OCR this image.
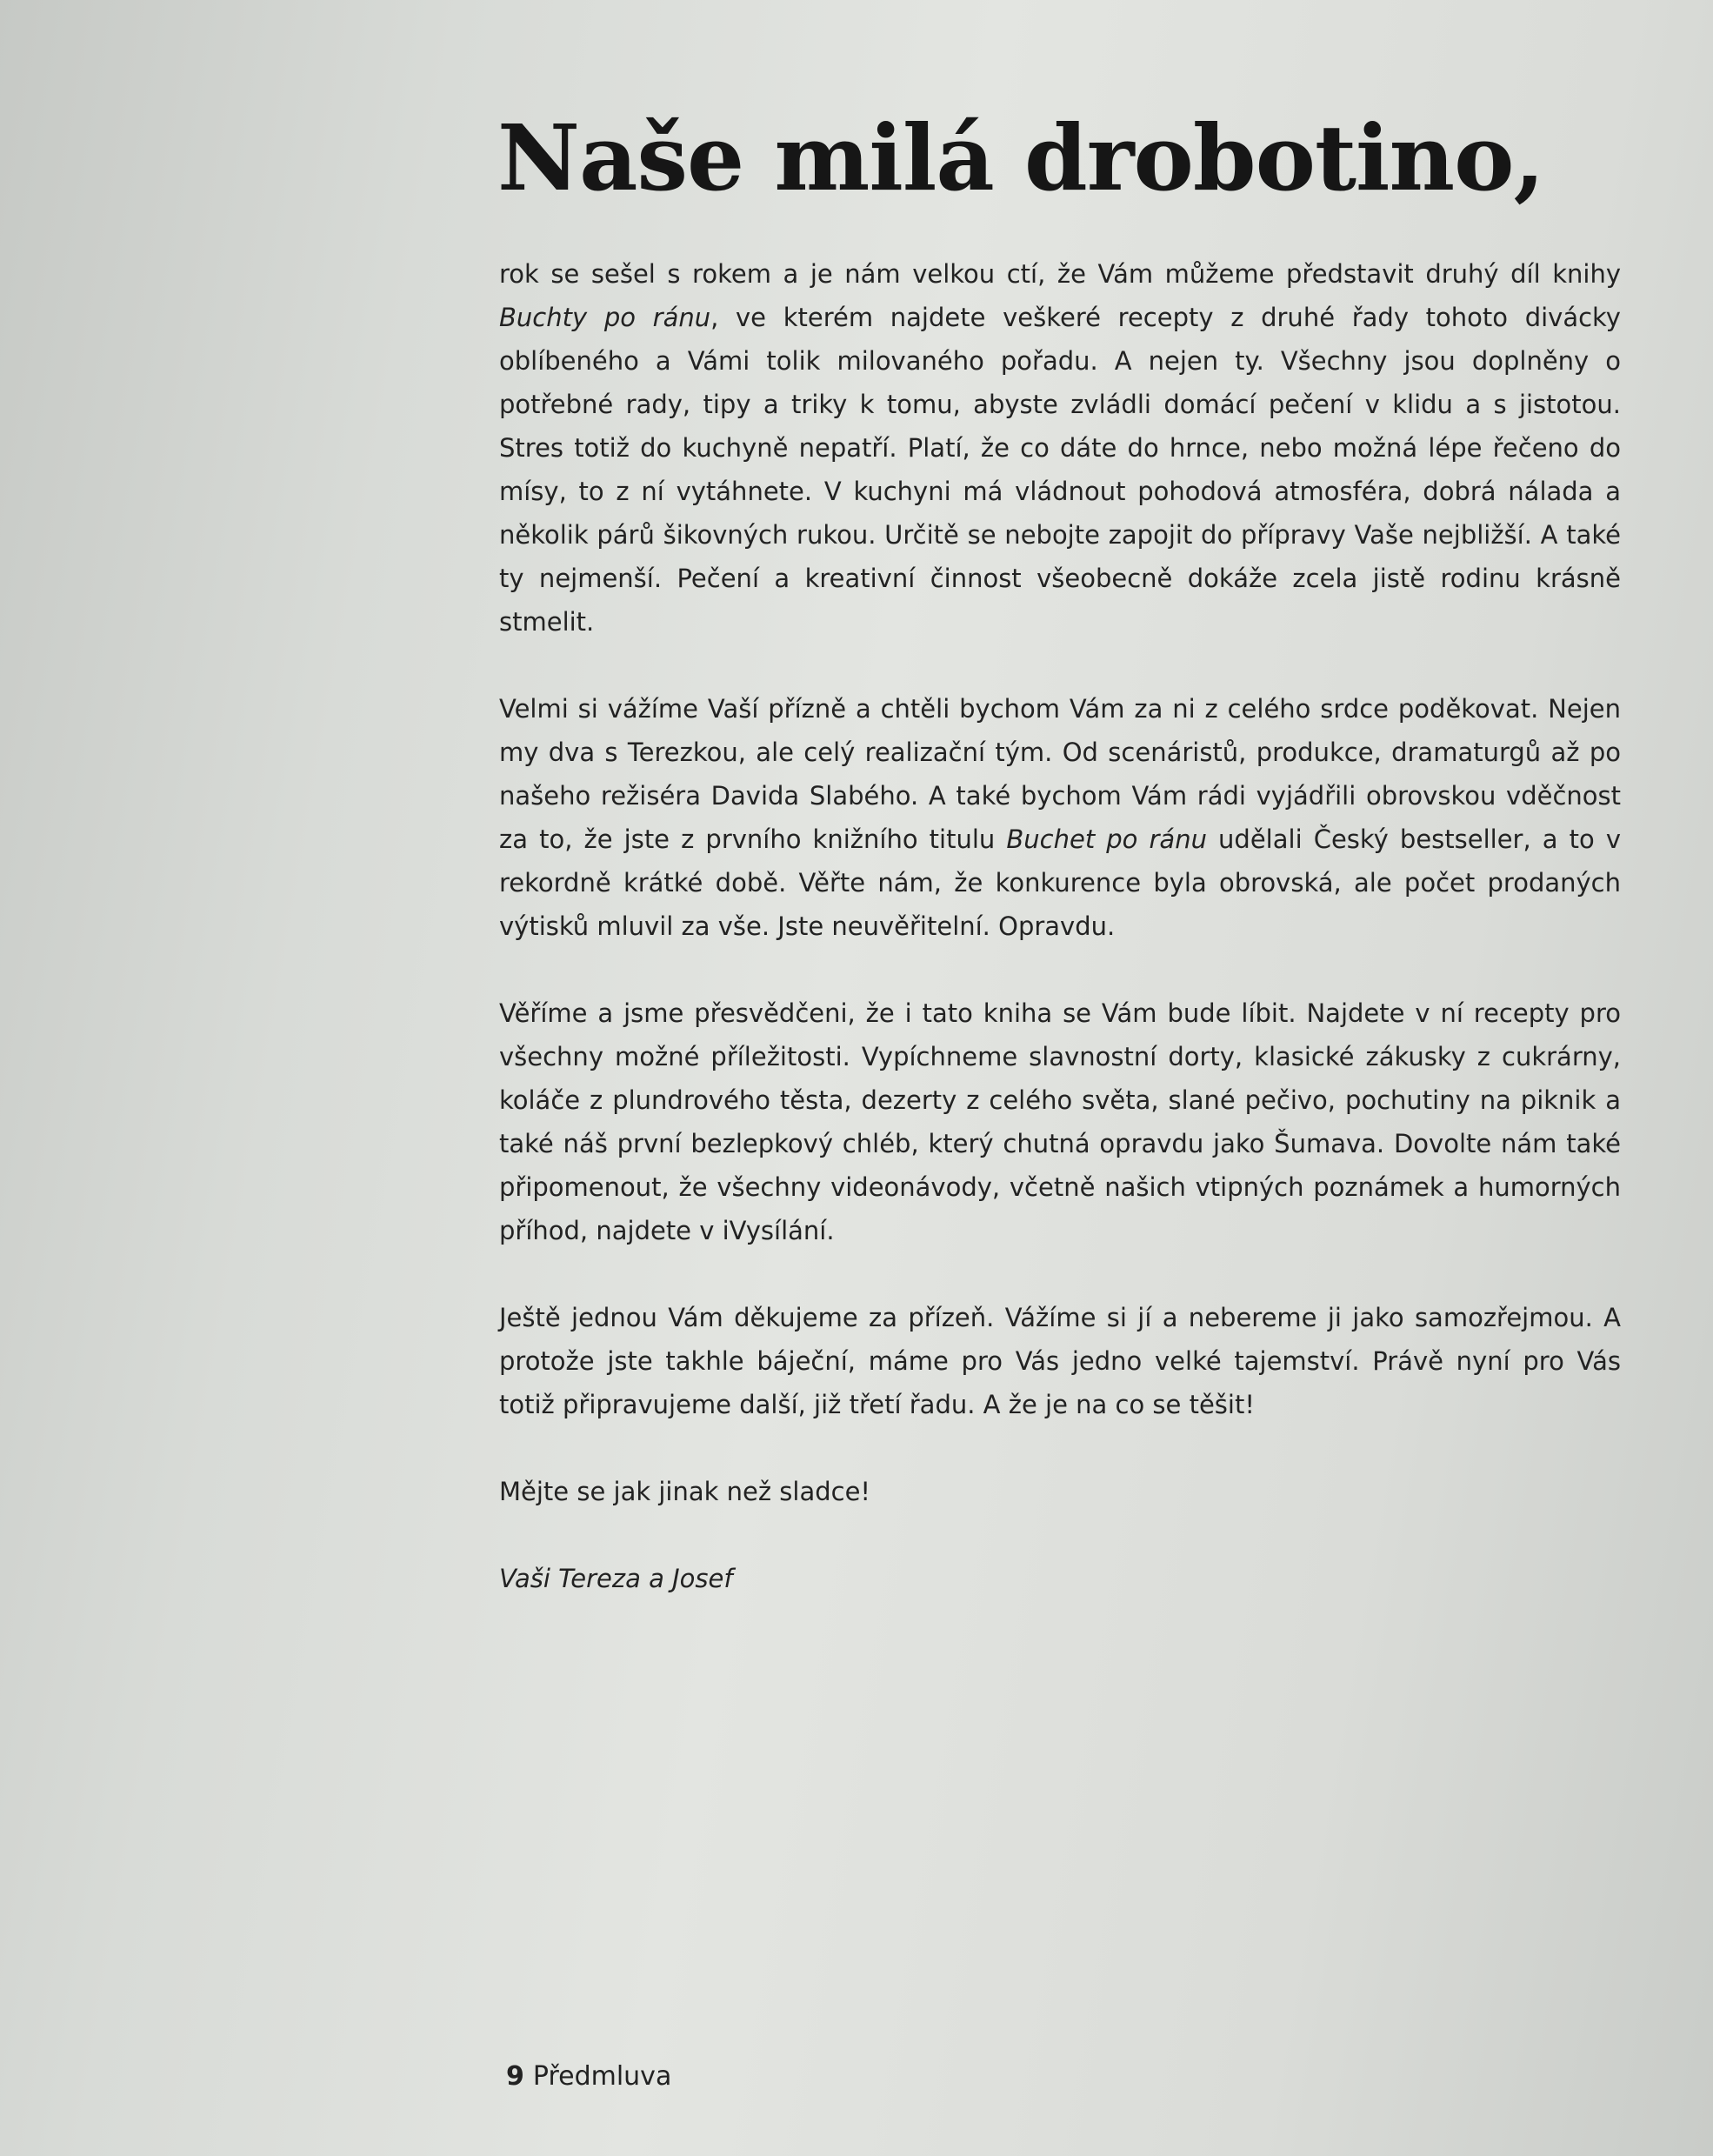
Naše milá drobotino,

rok se sešel s rokem a je nám velkou ctí, že Vám můžeme představit druhý díl knihy Buchty po ránu, ve kterém najdete veškeré recepty z druhé řady tohoto divácky oblíbeného a Vámi tolik milovaného pořadu. A nejen ty. Všechny jsou doplněny o potřebné rady, tipy a triky k tomu, abyste zvládli domácí pečení v klidu a s jistotou. Stres totiž do kuchyně nepatří. Platí, že co dáte do hrnce, nebo možná lépe řečeno do mísy, to z ní vytáhnete. V kuchyni má vládnout pohodová atmosféra, dobrá nálada a několik párů šikovných rukou. Určitě se nebojte zapojit do přípravy Vaše nejbližší. A také ty nejmenší. Pečení a kreativní činnost všeobecně dokáže zcela jistě rodinu krásně stmelit.

Velmi si vážíme Vaší přízně a chtěli bychom Vám za ni z celého srdce poděkovat. Nejen my dva s Terezkou, ale celý realizační tým. Od scenáristů, produkce, dramaturgů až po našeho režiséra Davida Slabého. A také bychom Vám rádi vyjádřili obrovskou vděčnost za to, že jste z prvního knižního titulu Buchet po ránu udělali Český bestseller, a to v rekordně krátké době. Věřte nám, že konkurence byla obrovská, ale počet prodaných výtisků mluvil za vše. Jste neuvěřitelní. Opravdu.

Věříme a jsme přesvědčeni, že i tato kniha se Vám bude líbit. Najdete v ní recepty pro všechny možné příležitosti. Vypíchneme slavnostní dorty, klasické zákusky z cukrárny, koláče z plundrového těsta, dezerty z celého světa, slané pečivo, pochutiny na piknik a také náš první bezlepkový chléb, který chutná opravdu jako Šumava. Dovolte nám také připomenout, že všechny videonávody, včetně našich vtipných poznámek a humorných příhod, najdete v iVysílání.

Ještě jednou Vám děkujeme za přízeň. Vážíme si jí a nebereme ji jako samozřejmou. A protože jste takhle báječní, máme pro Vás jedno velké tajemství. Právě nyní pro Vás totiž připravujeme další, již třetí řadu. A že je na co se těšit!

Mějte se jak jinak než sladce!

Vaši Tereza a Josef

9 Předmluva
